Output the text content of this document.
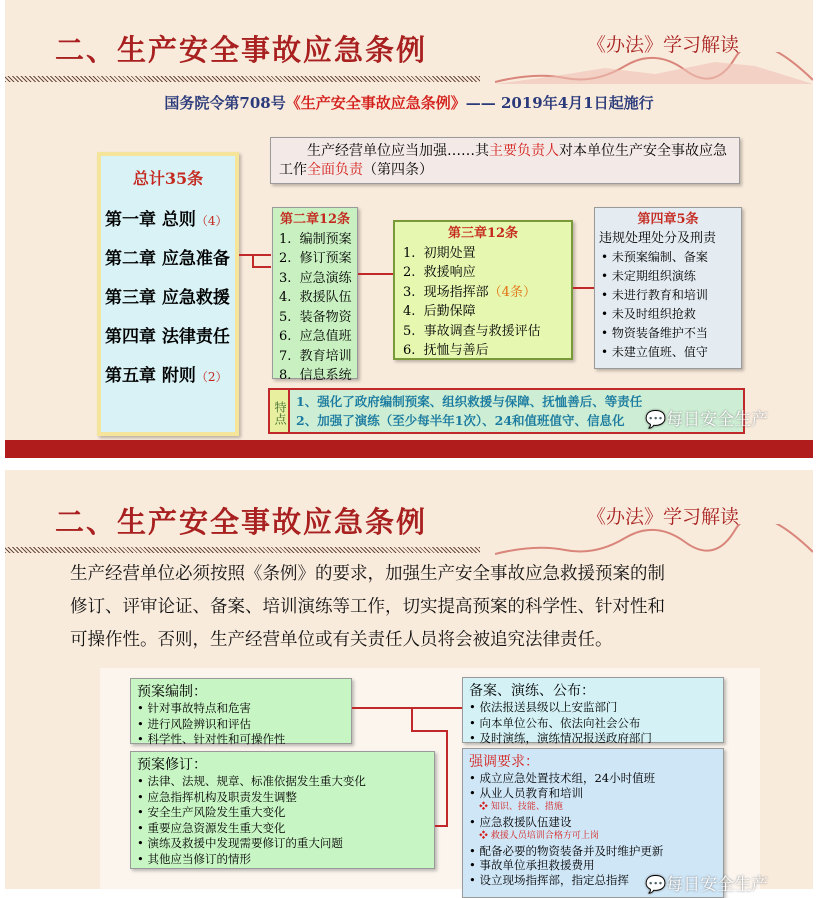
二、生产安全事故应急条例	《办法》学习解读
国务院令第708号《生产安全事故应急条例》—— 2019年4月1日起施行
生产经营单位应当加强……其主要负责人对本单位生产安全事故应急工作全面负责（第四条）
总计35条
第一章 总则（4）
第二章 应急准备
第三章 应急救援
第四章 法律责任
第五章 附则（2）
第二章12条
1.  编制预案
2.  修订预案
3.  应急演练
4.  救援队伍
5.  装备物资
6.  应急值班
7.  教育培训
8.  信息系统
第三章12条
1.  初期处置
2.  救援响应
3.  现场指挥部（4条）
4.  后勤保障
5.  事故调查与救援评估
6.  抚恤与善后
第四章5条
违规处理处分及刑责
• 未预案编制、备案
• 未定期组织演练
• 未进行教育和培训
• 未及时组织抢救
• 物资装备维护不当
• 未建立值班、值守
特点 1、强化了政府编制预案、组织救援与保障、抚恤善后、等责任
2、加强了演练（至少每半年1次）、24和值班值守、信息化	💬每日安全生产
二、生产安全事故应急条例	《办法》学习解读
生产经营单位必须按照《条例》的要求，加强生产安全事故应急救援预案的制
修订、评审论证、备案、培训演练等工作，切实提高预案的科学性、针对性和
可操作性。否则，生产经营单位或有关责任人员将会被追究法律责任。
预案编制：
• 针对事故特点和危害
• 进行风险辨识和评估
• 科学性、针对性和可操作性
预案修订：
• 法律、法规、规章、标准依据发生重大变化
• 应急指挥机构及职责发生调整
• 安全生产风险发生重大变化
• 重要应急资源发生重大变化
• 演练及救援中发现需要修订的重大问题
• 其他应当修订的情形
备案、演练、公布：
• 依法报送县级以上安监部门
• 向本单位公布、依法向社会公布
• 及时演练，演练情况报送政府部门
强调要求：
• 成立应急处置技术组，24小时值班
• 从业人员教育和培训
❖ 知识、技能、措施
• 应急救援队伍建设
❖ 救援人员培训合格方可上岗
• 配备必要的物资装备并及时维护更新
• 事故单位承担救援费用
• 设立现场指挥部，指定总指挥 💬每日安全生产
